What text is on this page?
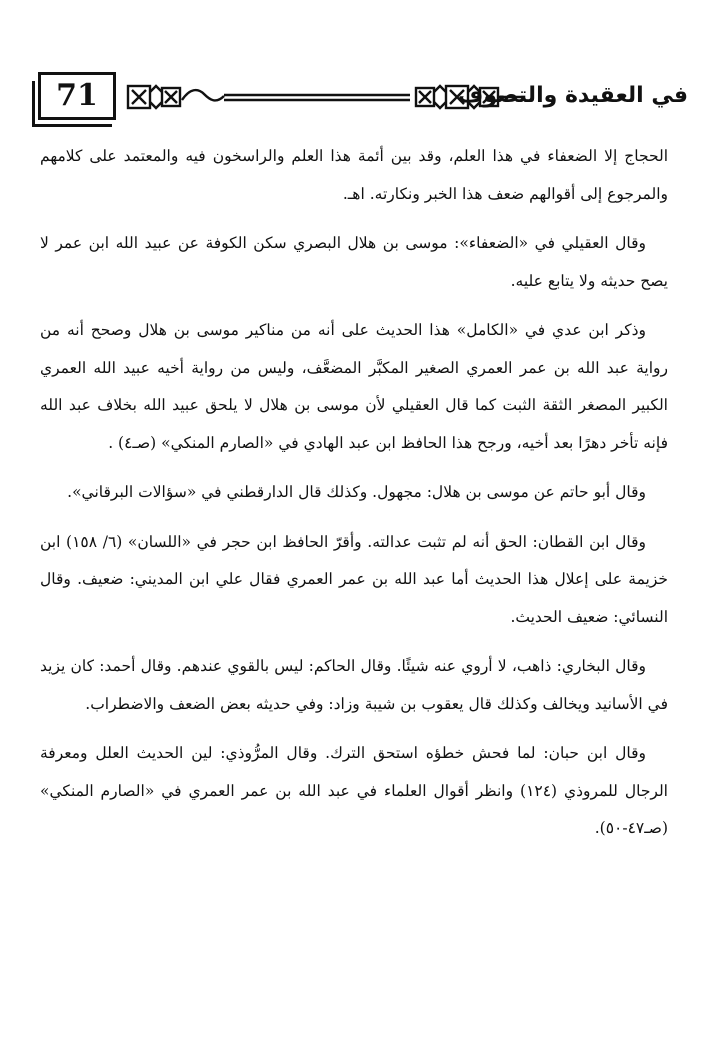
71	في العقيدة والتصوف

الحجاج إلا الضعفاء في هذا العلم، وقد بين أئمة هذا العلم والراسخون فيه والمعتمد على كلامهم والمرجوع إلى أقوالهم ضعف هذا الخبر ونكارته. اهـ.

وقال العقيلي في «الضعفاء»: موسى بن هلال البصري سكن الكوفة عن عبيد الله ابن عمر لا يصح حديثه ولا يتابع عليه.

وذكر ابن عدي في «الكامل» هذا الحديث على أنه من مناكير موسى بن هلال وصحح أنه من رواية عبد الله بن عمر العمري الصغير المكبَّر المضعَّف، وليس من رواية أخيه عبيد الله العمري الكبير المصغر الثقة الثبت كما قال العقيلي لأن موسى بن هلال لا يلحق عبيد الله بخلاف عبد الله فإنه تأخر دهرًا بعد أخيه، ورجح هذا الحافظ ابن عبد الهادي في «الصارم المنكي» (صـ٤) .

وقال أبو حاتم عن موسى بن هلال: مجهول. وكذلك قال الدارقطني في «سؤالات البرقاني».

وقال ابن القطان: الحق أنه لم تثبت عدالته. وأقرّ الحافظ ابن حجر في «اللسان» (٦/ ١٥٨) ابن خزيمة على إعلال هذا الحديث أما عبد الله بن عمر العمري فقال علي ابن المديني: ضعيف. وقال النسائي: ضعيف الحديث.

وقال البخاري: ذاهب، لا أروي عنه شيئًا. وقال الحاكم: ليس بالقوي عندهم. وقال أحمد: كان يزيد في الأسانيد ويخالف وكذلك قال يعقوب بن شيبة وزاد: وفي حديثه بعض الضعف والاضطراب.

وقال ابن حبان: لما فحش خطؤه استحق الترك. وقال المرُّوذي: لين الحديث العلل ومعرفة الرجال للمروذي (١٢٤) وانظر أقوال العلماء في عبد الله بن عمر العمري في «الصارم المنكي» (صـ٤٧-٥٠).
